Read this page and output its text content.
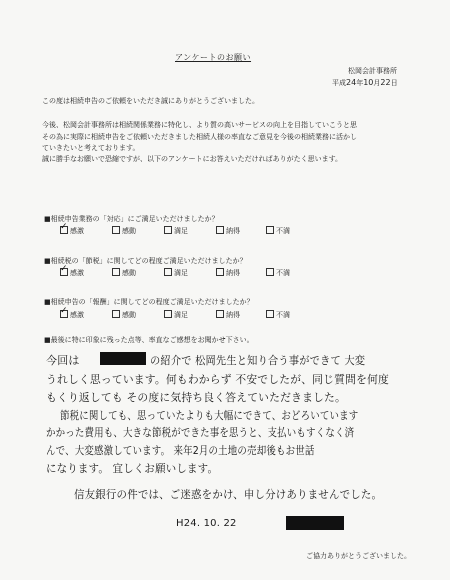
アンケートのお願い
松岡会計事務所
平成24年10月22日
この度は相続申告のご依頼をいただき誠にありがとうございました。
今後、松岡会計事務所は相続関係業務に特化し、より質の高いサービスの向上を目指していこうと思
その為に実際に相続申告をご依頼いただきました相続人様の率直なご意見を今後の相続業務に活かし
ていきたいと考えております。
誠に勝手なお願いで恐縮ですが、以下のアンケートにお答えいただければありがたく思います。
■相続申告業務の「対応」にご満足いただけましたか？
✓ 感激	感動	満足	納得	不満
■相続税の「節税」に関してどの程度ご満足いただけましたか？
✓ 感激	感動	満足	納得	不満
■相続申告の「報酬」に関してどの程度ご満足いただけましたか？
✓ 感激	感動	満足	納得	不満
■最後に特に印象に残った点等、率直なご感想をお聞かせ下さい。
今回は	の紹介で 松岡先生と知り合う事ができて 大変
うれしく思っています。何もわからず 不安でしたが、同じ質問を何度
もくり返しても その度に気持ち良く答えていただきました。
節税に関しても、思っていたよりも大幅にできて、おどろいています
かかった費用も、大きな節税ができた事を思うと、支払いもすくなく済
んで、大変感激しています。 来年2月の土地の売却後もお世話
になります。 宜しくお願いします。
信友銀行の件では、ご迷惑をかけ、申し分けありませんでした。
H24. 10. 22
ご協力ありがとうございました。
